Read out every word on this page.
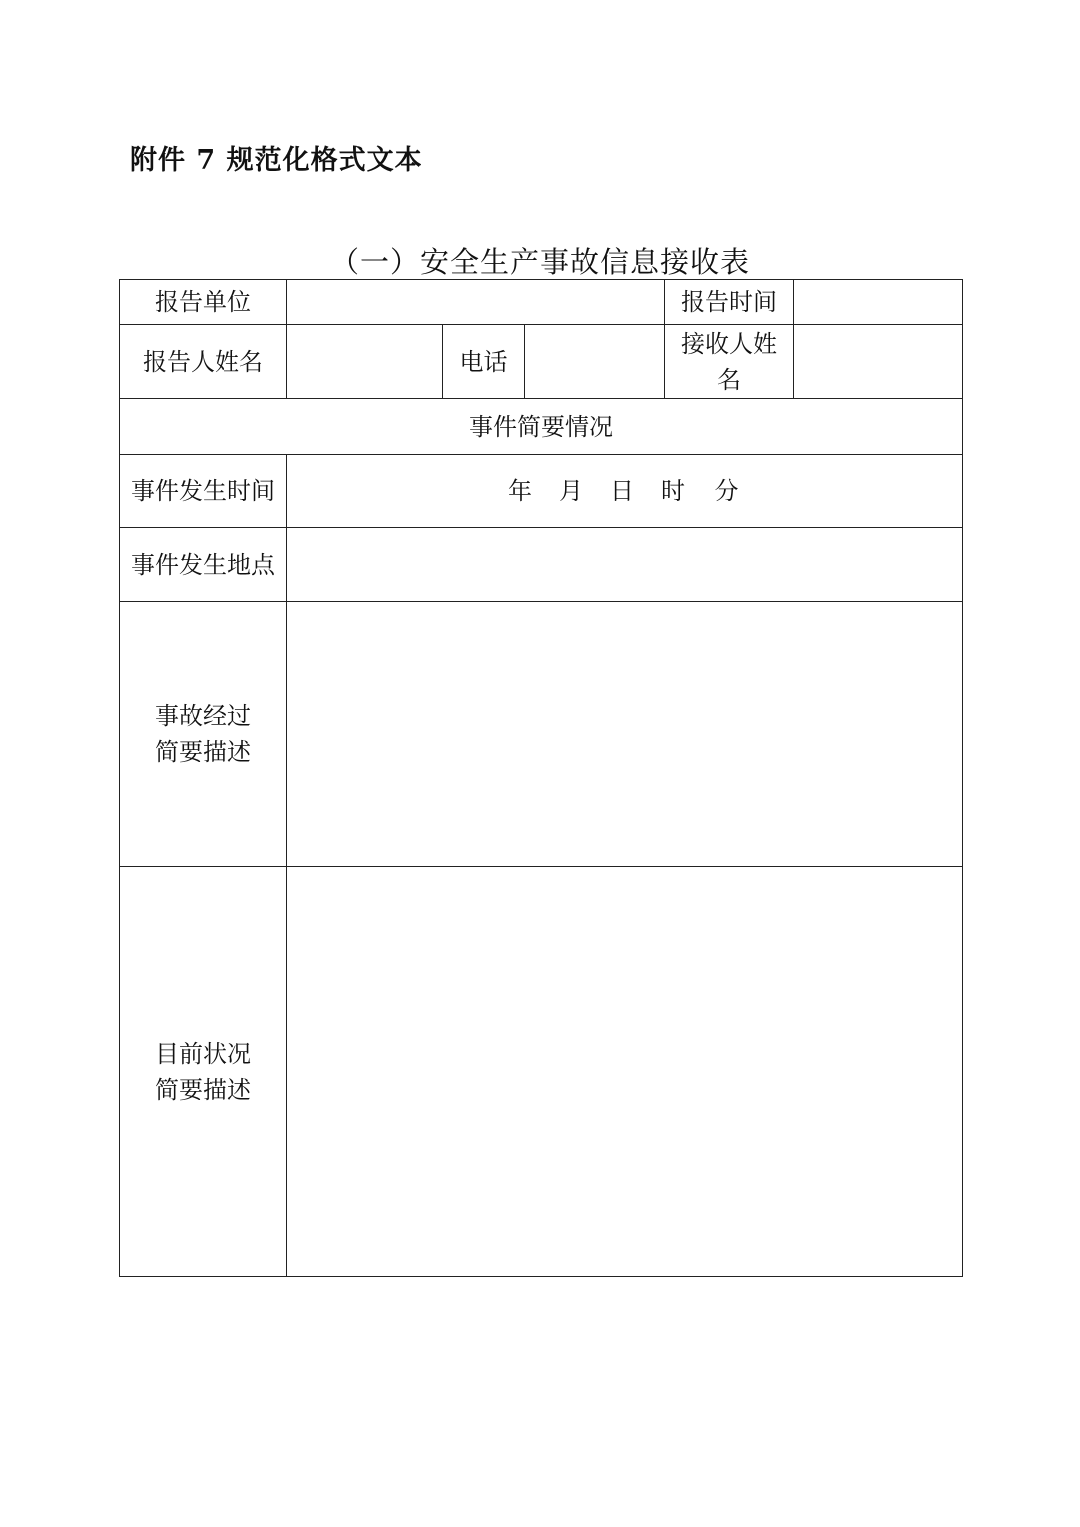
附件 7 规范化格式文本
（一）安全生产事故信息接收表
报告单位				报告时间	
报告人姓名		电话		接收人姓名	
事件简要情况					
事件发生时间	年 月 日 时 分				

事件发生地点					

事故经过
简要描述					

目前状况
简要描述					
